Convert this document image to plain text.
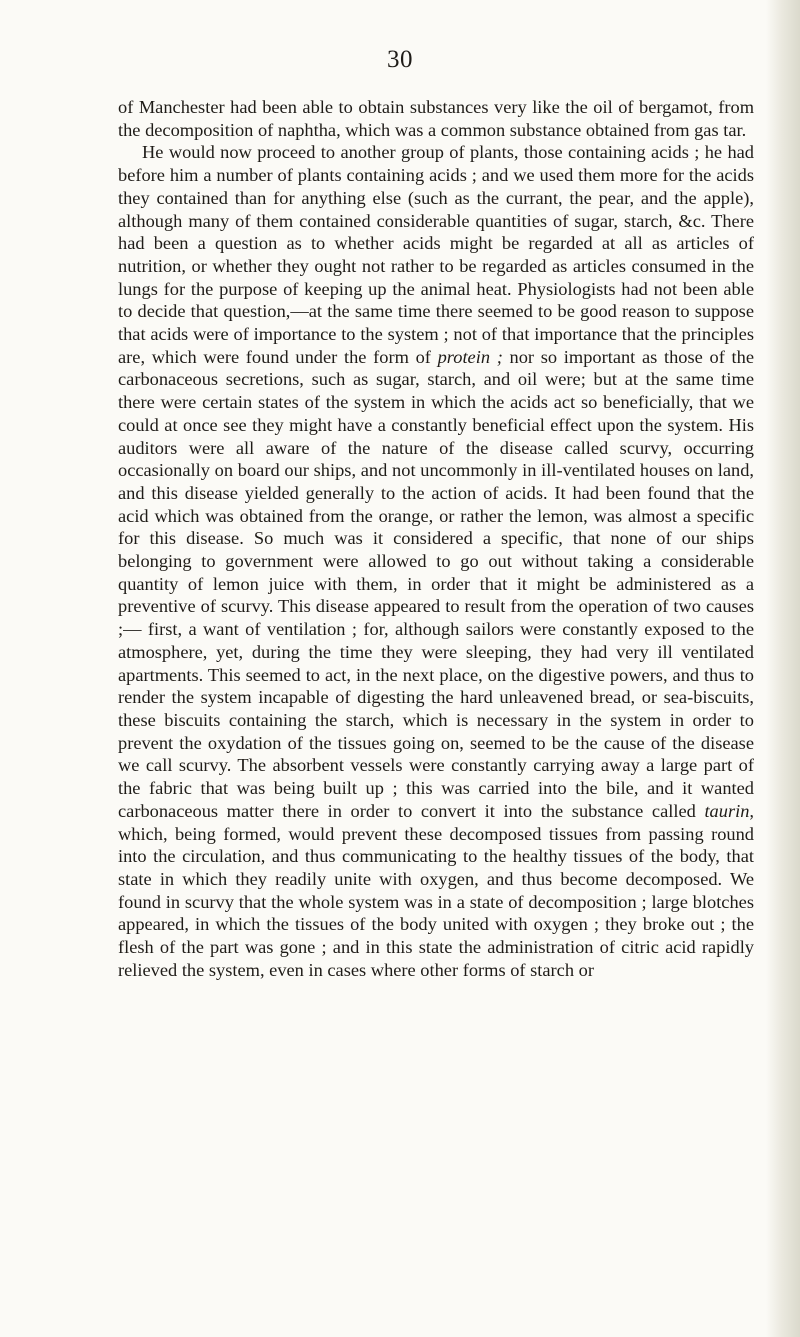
30

of Manchester had been able to obtain substances very like the oil of bergamot, from the decomposition of naphtha, which was a common substance obtained from gas tar.

He would now proceed to another group of plants, those containing acids ; he had before him a number of plants containing acids ; and we used them more for the acids they contained than for anything else (such as the currant, the pear, and the apple), although many of them contained considerable quantities of sugar, starch, &c. There had been a question as to whether acids might be regarded at all as articles of nutrition, or whether they ought not rather to be regarded as articles consumed in the lungs for the purpose of keeping up the animal heat. Physiologists had not been able to decide that question,—at the same time there seemed to be good reason to suppose that acids were of importance to the system ; not of that importance that the principles are, which were found under the form of protein ; nor so important as those of the carbonaceous secretions, such as sugar, starch, and oil were; but at the same time there were certain states of the system in which the acids act so beneficially, that we could at once see they might have a constantly beneficial effect upon the system. His auditors were all aware of the nature of the disease called scurvy, occurring occasionally on board our ships, and not uncommonly in ill-ventilated houses on land, and this disease yielded generally to the action of acids. It had been found that the acid which was obtained from the orange, or rather the lemon, was almost a specific for this disease. So much was it considered a specific, that none of our ships belonging to government were allowed to go out without taking a considerable quantity of lemon juice with them, in order that it might be administered as a preventive of scurvy. This disease appeared to result from the operation of two causes ;— first, a want of ventilation ; for, although sailors were constantly exposed to the atmosphere, yet, during the time they were sleeping, they had very ill ventilated apartments. This seemed to act, in the next place, on the digestive powers, and thus to render the system incapable of digesting the hard unleavened bread, or sea-biscuits, these biscuits containing the starch, which is necessary in the system in order to prevent the oxydation of the tissues going on, seemed to be the cause of the disease we call scurvy. The absorbent vessels were constantly carrying away a large part of the fabric that was being built up ; this was carried into the bile, and it wanted carbonaceous matter there in order to convert it into the substance called taurin, which, being formed, would prevent these decomposed tissues from passing round into the circulation, and thus communicating to the healthy tissues of the body, that state in which they readily unite with oxygen, and thus become decomposed. We found in scurvy that the whole system was in a state of decomposition ; large blotches appeared, in which the tissues of the body united with oxygen ; they broke out ; the flesh of the part was gone ; and in this state the administration of citric acid rapidly relieved the system, even in cases where other forms of starch or
